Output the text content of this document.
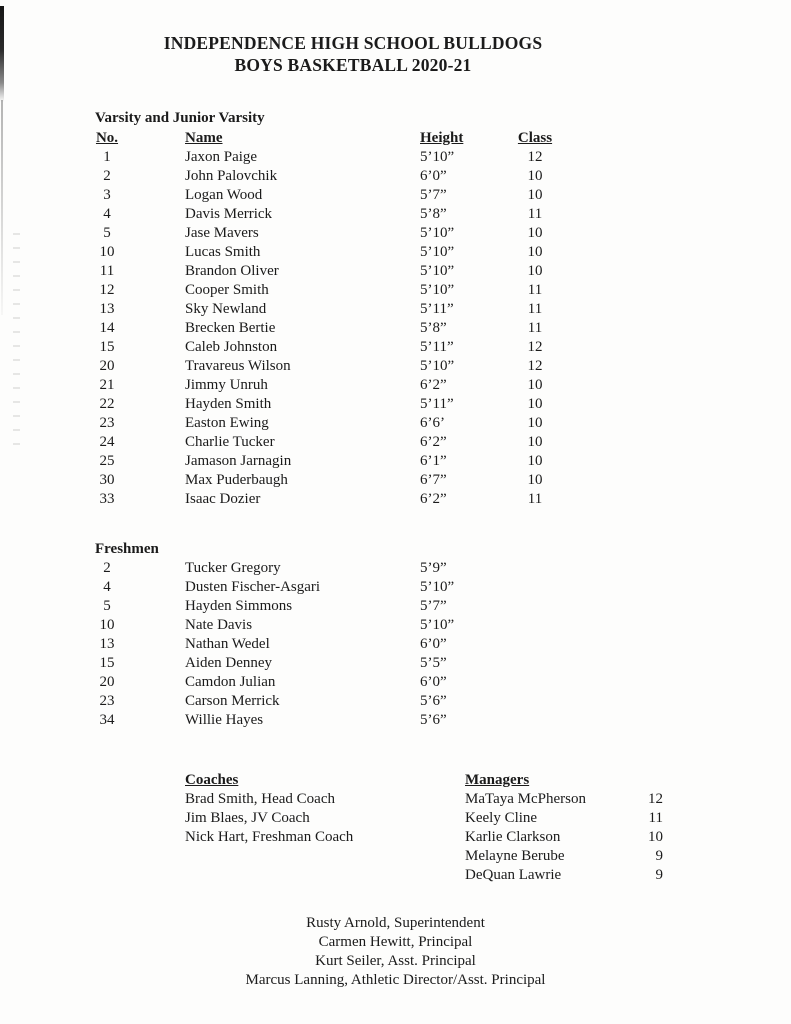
INDEPENDENCE HIGH SCHOOL BULLDOGS
BOYS BASKETBALL 2020-21
Varsity and Junior Varsity
No.	Name	Height	Class
1	Jaxon Paige	5’10”	12
2	John Palovchik	6’0”	10
3	Logan Wood	5’7”	10
4	Davis Merrick	5’8”	11
5	Jase Mavers	5’10”	10
10	Lucas Smith	5’10”	10
11	Brandon Oliver	5’10”	10
12	Cooper Smith	5’10”	11
13	Sky Newland	5’11”	11
14	Brecken Bertie	5’8”	11
15	Caleb Johnston	5’11”	12
20	Travareus Wilson	5’10”	12
21	Jimmy Unruh	6’2”	10
22	Hayden Smith	5’11”	10
23	Easton Ewing	6’6’	10
24	Charlie Tucker	6’2”	10
25	Jamason Jarnagin	6’1”	10
30	Max Puderbaugh	6’7”	10
33	Isaac Dozier	6’2”	11
Freshmen
2	Tucker Gregory	5’9”
4	Dusten Fischer-Asgari	5’10”
5	Hayden Simmons	5’7”
10	Nate Davis	5’10”
13	Nathan Wedel	6’0”
15	Aiden Denney	5’5”
20	Camdon Julian	6’0”
23	Carson Merrick	5’6”
34	Willie Hayes	5’6”
Coaches
Brad Smith, Head Coach
Jim Blaes, JV Coach
Nick Hart, Freshman Coach
Managers
MaTaya McPherson	12
Keely Cline	11
Karlie Clarkson	10
Melayne Berube	9
DeQuan Lawrie	9
Rusty Arnold, Superintendent
Carmen Hewitt, Principal
Kurt Seiler, Asst. Principal
Marcus Lanning, Athletic Director/Asst. Principal
